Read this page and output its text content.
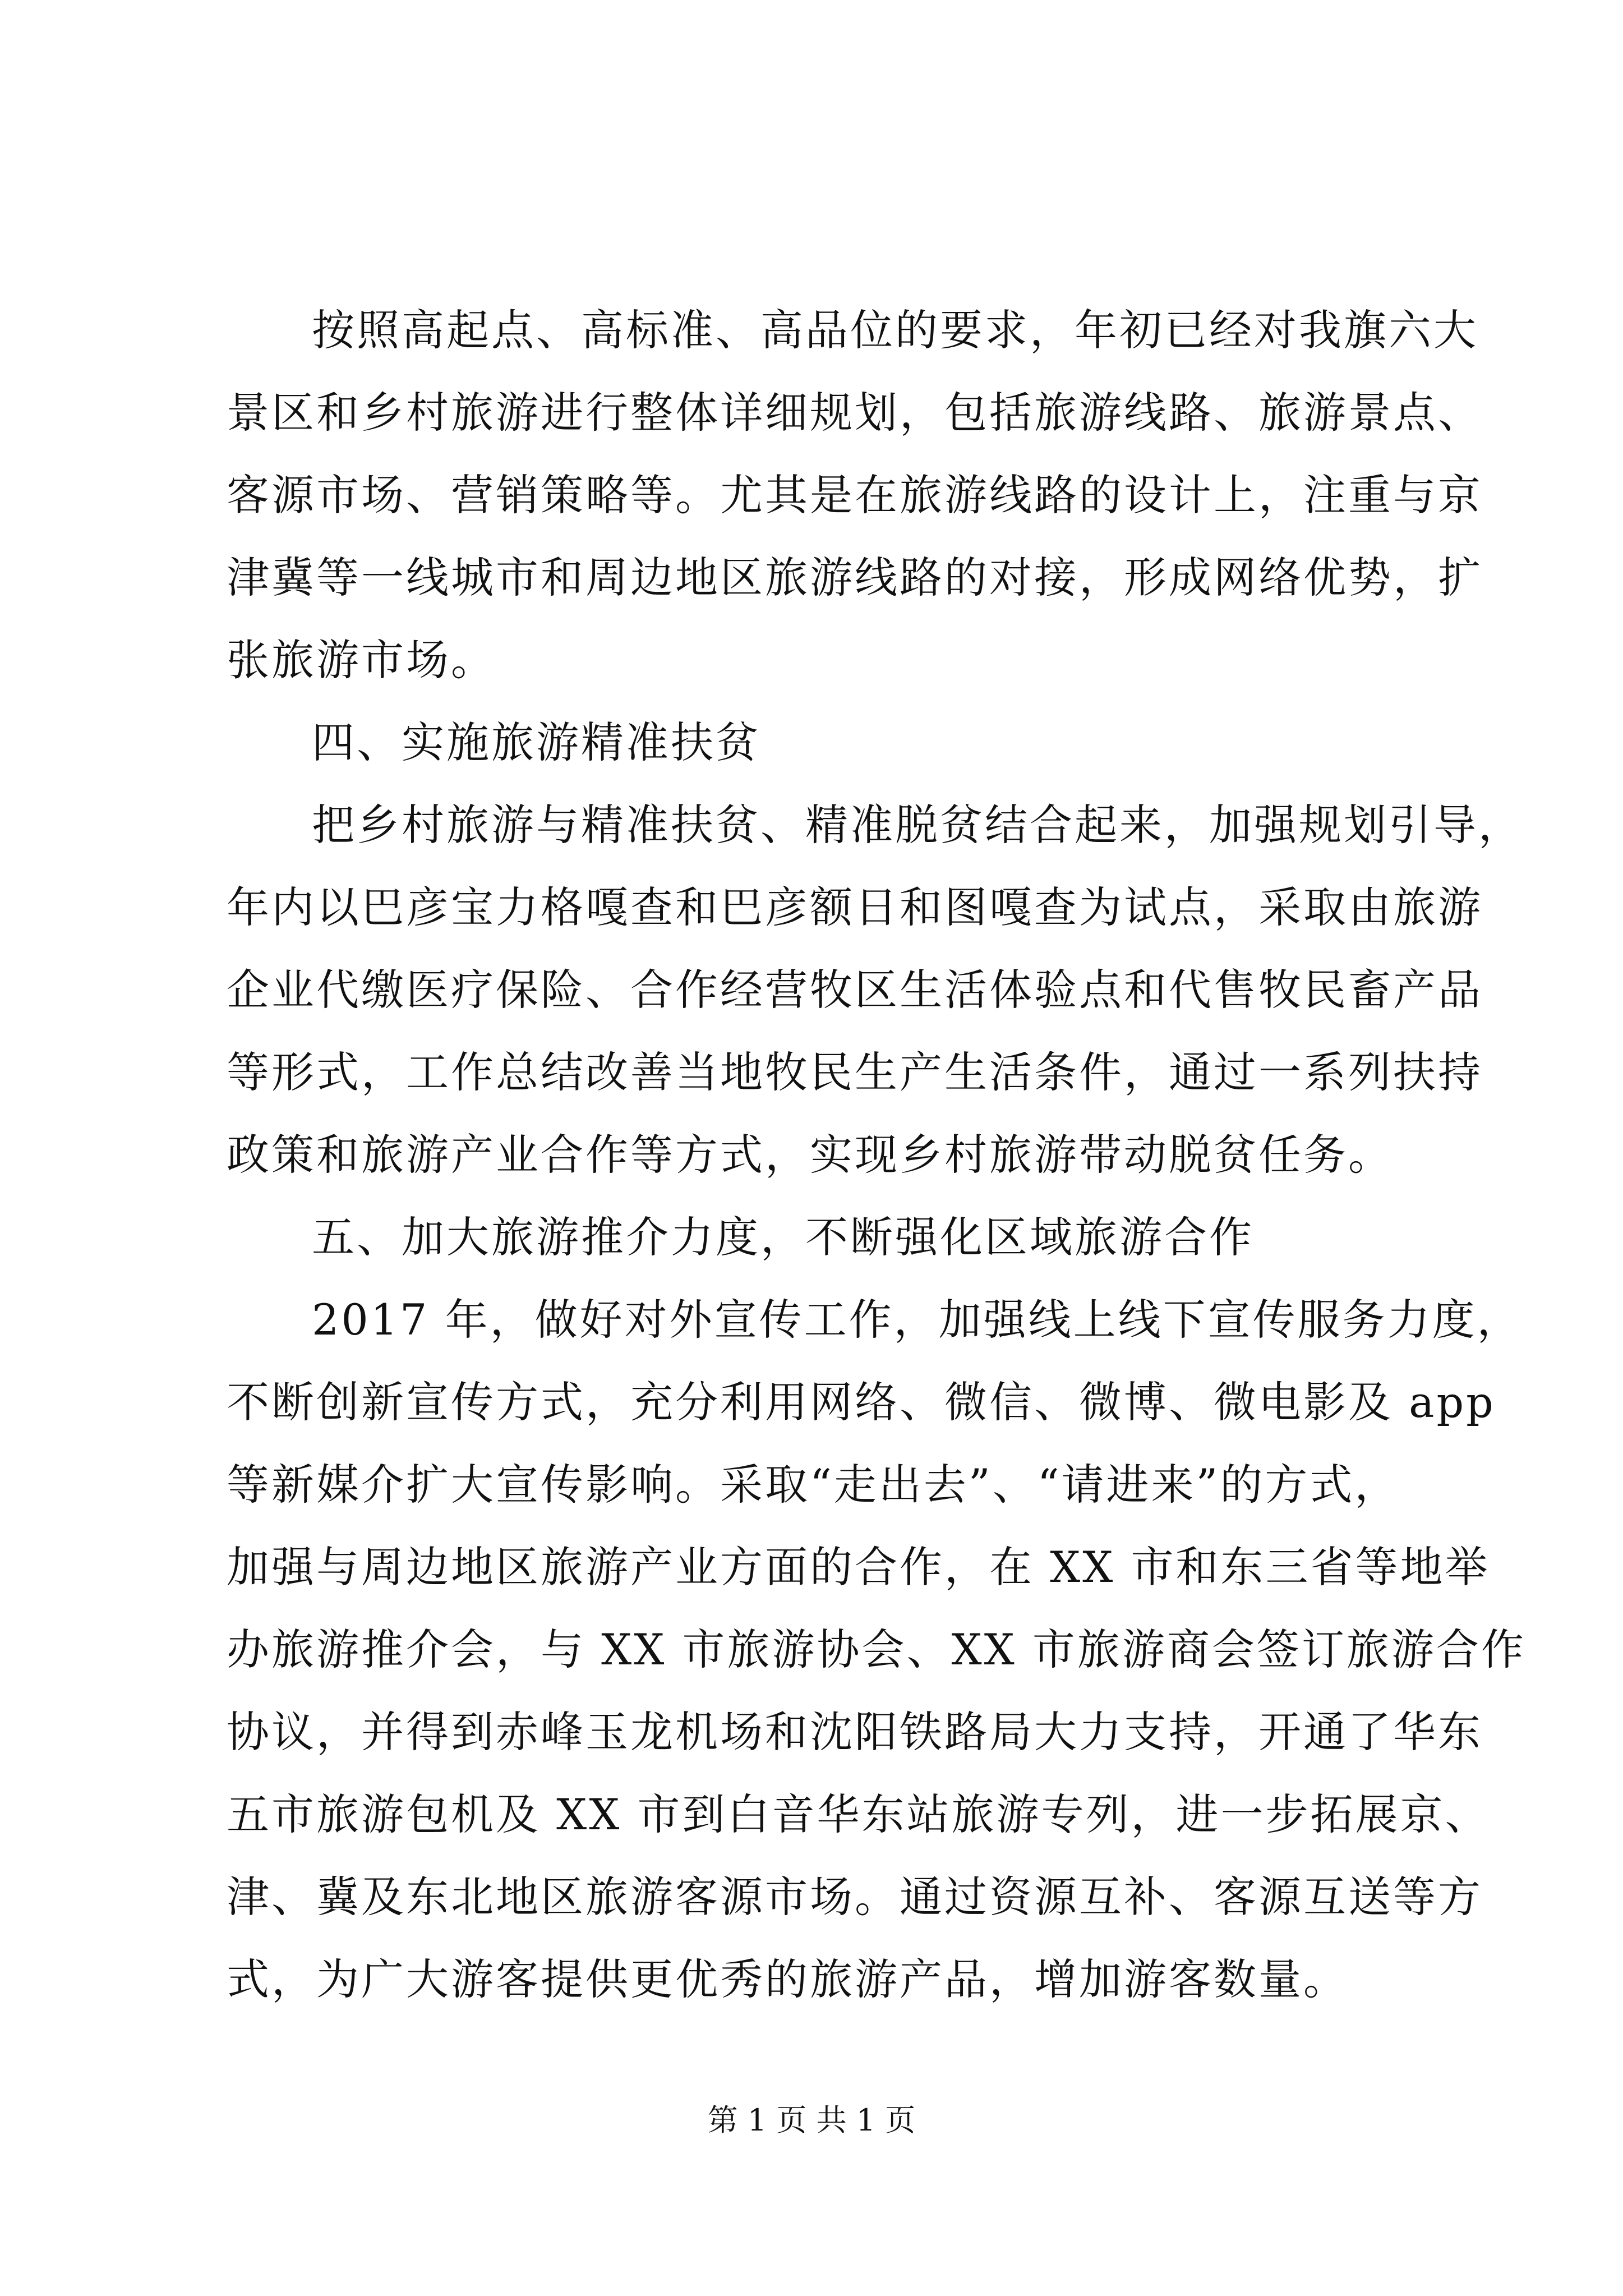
按照高起点、高标准、高品位的要求，年初已经对我旗六大
景区和乡村旅游进行整体详细规划，包括旅游线路、旅游景点、
客源市场、营销策略等。尤其是在旅游线路的设计上，注重与京
津冀等一线城市和周边地区旅游线路的对接，形成网络优势，扩
张旅游市场。
四、实施旅游精准扶贫
把乡村旅游与精准扶贫、精准脱贫结合起来，加强规划引导，
年内以巴彦宝力格嘎查和巴彦额日和图嘎查为试点，采取由旅游
企业代缴医疗保险、合作经营牧区生活体验点和代售牧民畜产品
等形式，工作总结改善当地牧民生产生活条件，通过一系列扶持
政策和旅游产业合作等方式，实现乡村旅游带动脱贫任务。
五、加大旅游推介力度，不断强化区域旅游合作
2017 年，做好对外宣传工作，加强线上线下宣传服务力度，
不断创新宣传方式，充分利用网络、微信、微博、微电影及 app
等新媒介扩大宣传影响。采取“走出去”、“请进来”的方式，
加强与周边地区旅游产业方面的合作，在 XX 市和东三省等地举
办旅游推介会，与 XX 市旅游协会、XX 市旅游商会签订旅游合作
协议，并得到赤峰玉龙机场和沈阳铁路局大力支持，开通了华东
五市旅游包机及 XX 市到白音华东站旅游专列，进一步拓展京、
津、冀及东北地区旅游客源市场。通过资源互补、客源互送等方
式，为广大游客提供更优秀的旅游产品，增加游客数量。
第 1 页 共 1 页
